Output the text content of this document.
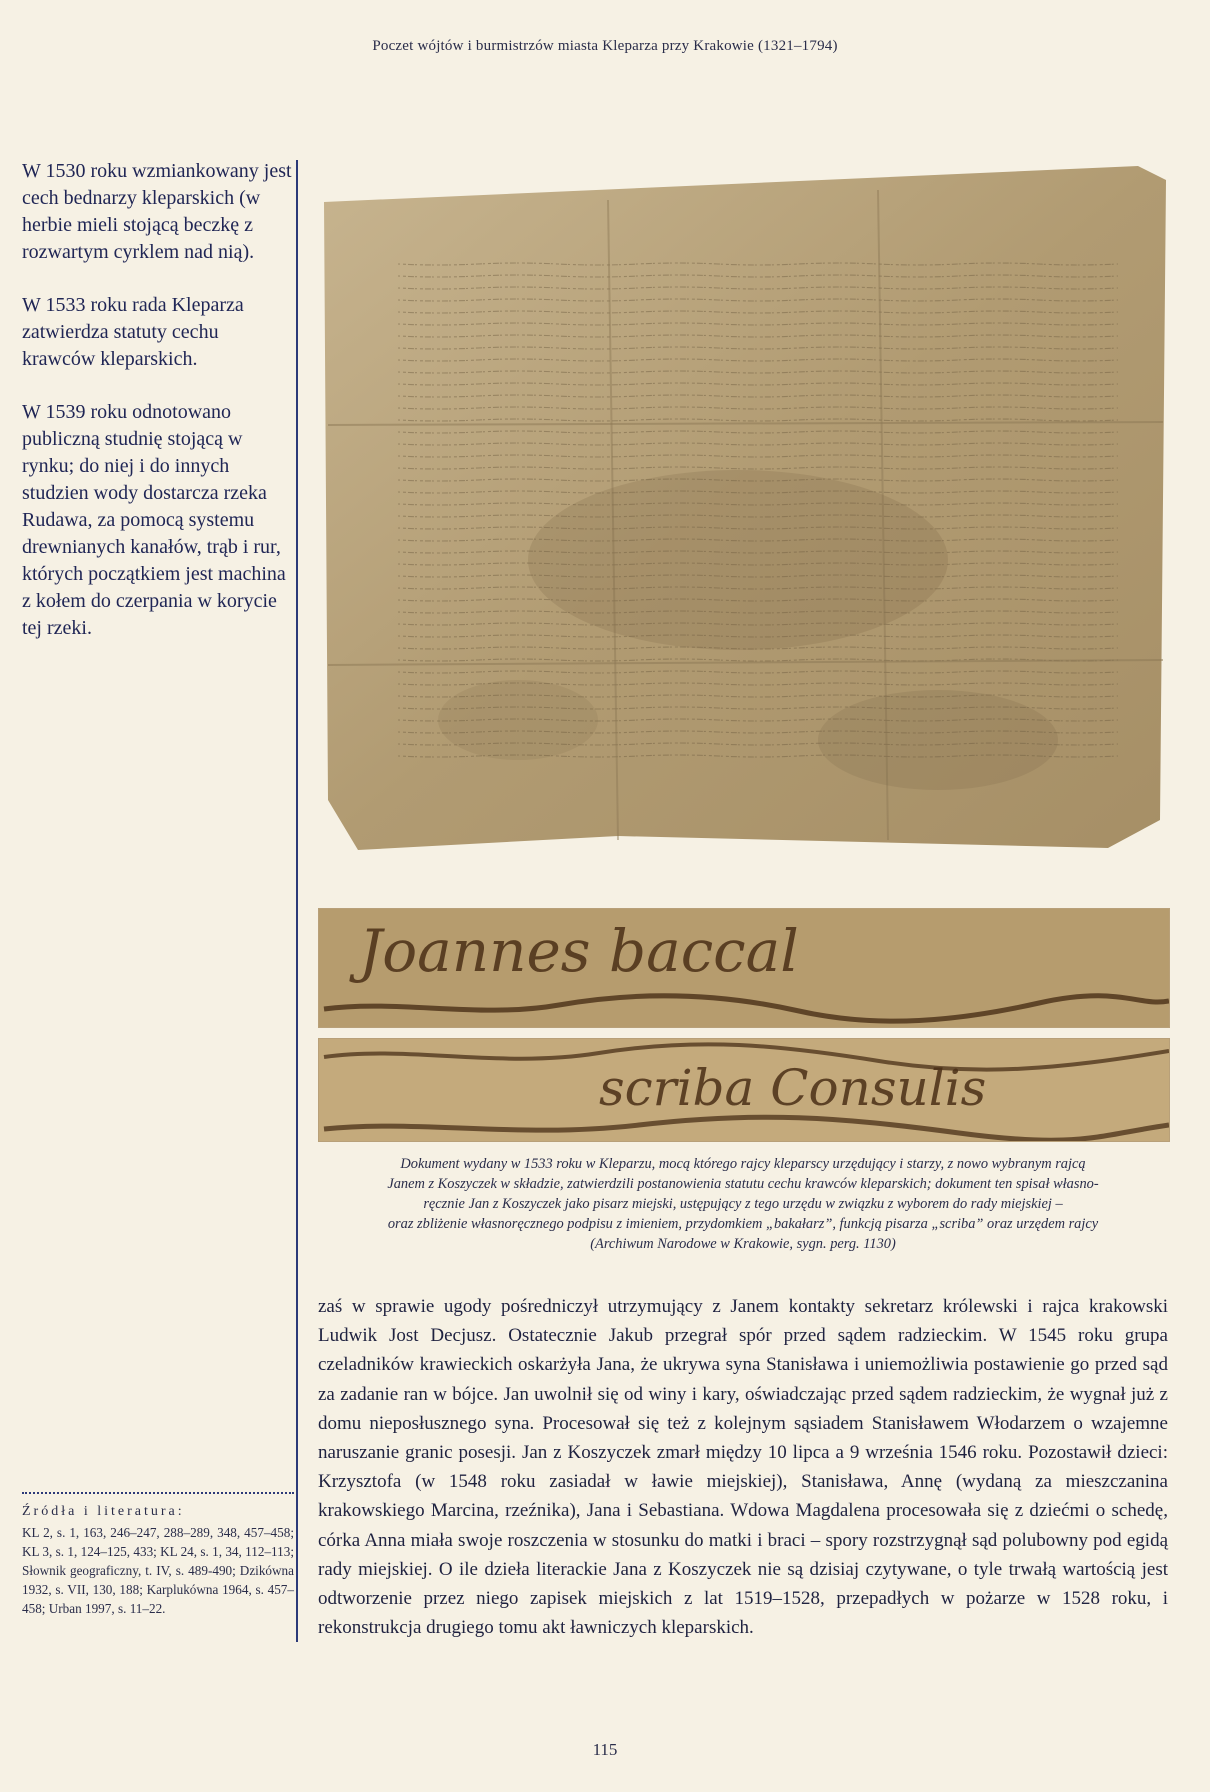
Poczet wójtów i burmistrzów miasta Kleparza przy Krakowie (1321–1794)

W 1530 roku wzmiankowany jest cech bednarzy kleparskich (w herbie mieli stojącą beczkę z rozwartym cyrklem nad nią).

W 1533 roku rada Kleparza zatwierdza statuty cechu krawców kleparskich.

W 1539 roku odnotowano publiczną studnię stojącą w rynku; do niej i do innych studzien wody dostarcza rzeka Rudawa, za pomocą systemu drewnianych kanałów, trąb i rur, których początkiem jest machina z kołem do czerpania w korycie tej rzeki.

Joannes baccal
scriba Consulis

Dokument wydany w 1533 roku w Kleparzu, mocą którego rajcy kleparscy urzędujący i starzy, z nowo wybranym rajcą

Janem z Koszyczek w składzie, zatwierdzili postanowienia statutu cechu krawców kleparskich; dokument ten spisał własno-

ręcznie Jan z Koszyczek jako pisarz miejski, ustępujący z tego urzędu w związku z wyborem do rady miejskiej –

oraz zbliżenie własnoręcznego podpisu z imieniem, przydomkiem „bakałarz”, funkcją pisarza „scriba” oraz urzędem rajcy

(Archiwum Narodowe w Krakowie, sygn. perg. 1130)

zaś w sprawie ugody pośredniczył utrzymujący z Janem kontakty sekretarz królewski i rajca krakowski Ludwik Jost Decjusz. Ostatecznie Jakub przegrał spór przed sądem radzieckim. W 1545 roku grupa czeladników krawieckich oskarżyła Jana, że ukrywa syna Stanisława i uniemożliwia postawienie go przed sąd za zadanie ran w bójce. Jan uwolnił się od winy i kary, oświadczając przed sądem radzieckim, że wygnał już z domu nieposłusznego syna. Procesował się też z kolejnym sąsiadem Stanisławem Włodarzem o wzajemne naruszanie granic posesji. Jan z Koszyczek zmarł między 10 lipca a 9 września 1546 roku. Pozostawił dzieci: Krzysztofa (w 1548 roku zasiadał w ławie miejskiej), Stanisława, Annę (wydaną za mieszczanina krakowskiego Marcina, rzeźnika), Jana i Sebastiana. Wdowa Magdalena procesowała się z dziećmi o schedę, córka Anna miała swoje roszczenia w stosunku do matki i braci – spory rozstrzygnął sąd polubowny pod egidą rady miejskiej. O ile dzieła literackie Jana z Koszyczek nie są dzisiaj czytywane, o tyle trwałą wartością jest odtworzenie przez niego zapisek miejskich z lat 1519–1528, przepadłych w pożarze w 1528 roku, i rekonstrukcja drugiego tomu akt ławniczych kleparskich.

Źródła i literatura:
KL 2, s. 1, 163, 246–247, 288–289, 348, 457–458; KL 3, s. 1, 124–125, 433; KL 24, s. 1, 34, 112–113; Słownik geograficzny, t. IV, s. 489-490; Dzikówna 1932, s. VII, 130, 188; Karplukówna 1964, s. 457–458; Urban 1997, s. 11–22.
115
